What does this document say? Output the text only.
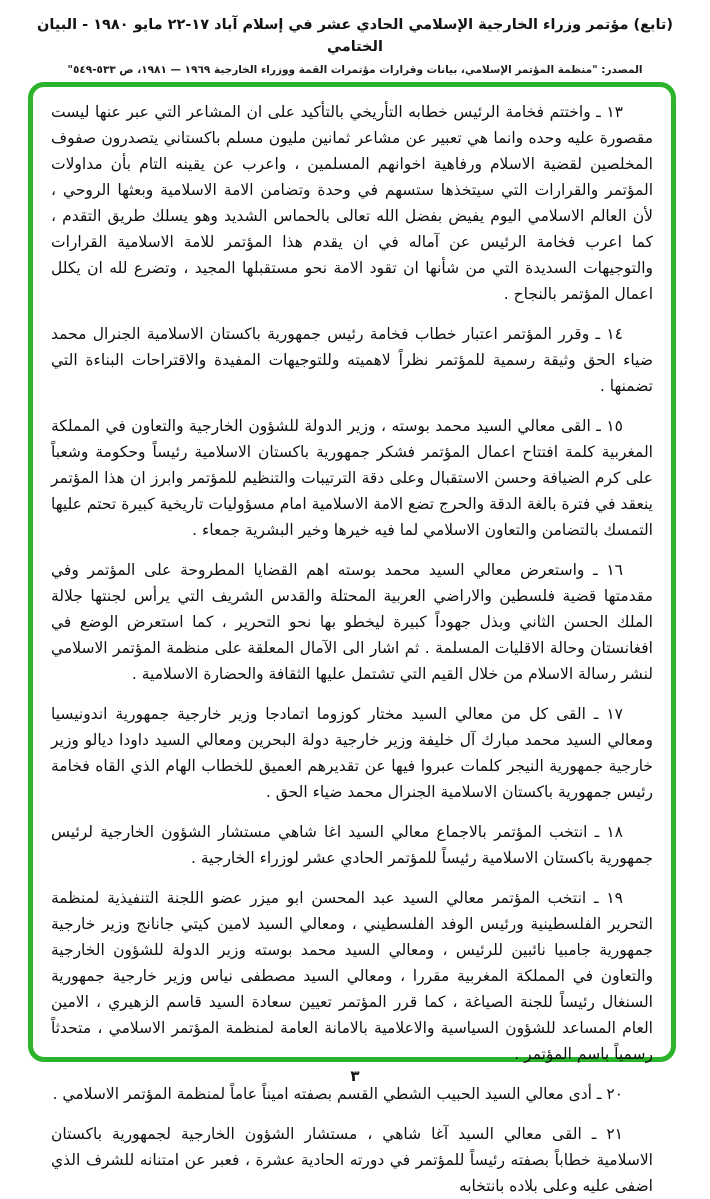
(تابع) مؤتمر وزراء الخارجية الإسلامي الحادي عشر في إسلام آباد ١٧-٢٢ مايو ١٩٨٠ - البيان الختامي
المصدر: "منظمة المؤتمر الإسلامي، بيانات وقرارات مؤتمرات القمة ووزراء الخارجية ١٩٦٩ — ١٩٨١، ص ٥٣٣-٥٤٩"

١٣ ـ واختتم فخامة الرئيس خطابه التأريخي بالتأكيد على ان المشاعر التي عبر عنها ليست مقصورة عليه وحده وانما هي تعبير عن مشاعر ثمانين مليون مسلم باكستاني يتصدرون صفوف المخلصين لقضية الاسلام ورفاهية اخوانهم المسلمين ، واعرب عن يقينه التام بأن مداولات المؤتمر والقرارات التي سيتخذها ستسهم في وحدة وتضامن الامة الاسلامية وبعثها الروحي ، لأن العالم الاسلامي اليوم يفيض بفضل الله تعالى بالحماس الشديد وهو يسلك طريق التقدم ، كما اعرب فخامة الرئيس عن آماله في ان يقدم هذا المؤتمر للامة الاسلامية القرارات والتوجيهات السديدة التي من شأنها ان تقود الامة نحو مستقبلها المجيد ، وتضرع لله ان يكلل اعمال المؤتمر بالنجاح .

١٤ ـ وقرر المؤتمر اعتبار خطاب فخامة رئيس جمهورية باكستان الاسلامية الجنرال محمد ضياء الحق وثيقة رسمية للمؤتمر نظراً لاهميته وللتوجيهات المفيدة والاقتراحات البناءة التي تضمنها .

١٥ ـ القى معالي السيد محمد بوسته ، وزير الدولة للشؤون الخارجية والتعاون في المملكة المغربية كلمة افتتاح اعمال المؤتمر فشكر جمهورية باكستان الاسلامية رئيساً وحكومة وشعباً على كرم الضيافة وحسن الاستقبال وعلى دقة الترتيبات والتنظيم للمؤتمر وابرز ان هذا المؤتمر ينعقد في فترة بالغة الدقة والحرج تضع الامة الاسلامية امام مسؤوليات تاريخية كبيرة تحتم عليها التمسك بالتضامن والتعاون الاسلامي لما فيه خيرها وخير البشرية جمعاء .

١٦ ـ واستعرض معالي السيد محمد بوسته اهم القضايا المطروحة على المؤتمر وفي مقدمتها قضية فلسطين والاراضي العربية المحتلة والقدس الشريف التي يرأس لجنتها جلالة الملك الحسن الثاني وبذل جهوداً كبيرة ليخطو بها نحو التحرير ، كما استعرض الوضع في افغانستان وحالة الاقليات المسلمة . ثم اشار الى الآمال المعلقة على منظمة المؤتمر الاسلامي لنشر رسالة الاسلام من خلال القيم التي تشتمل عليها الثقافة والحضارة الاسلامية .

١٧ ـ القى كل من معالي السيد مختار كوزوما اتمادجا وزير خارجية جمهورية اندونيسيا ومعالي السيد محمد مبارك آل خليفة وزير خارجية دولة البحرين ومعالي السيد داودا ديالو وزير خارجية جمهورية النيجر كلمات عبروا فيها عن تقديرهم العميق للخطاب الهام الذي القاه فخامة رئيس جمهورية باكستان الاسلامية الجنرال محمد ضياء الحق .

١٨ ـ انتخب المؤتمر بالاجماع معالي السيد اغا شاهي مستشار الشؤون الخارجية لرئيس جمهورية باكستان الاسلامية رئيساً للمؤتمر الحادي عشر لوزراء الخارجية .

١٩ ـ انتخب المؤتمر معالي السيد عبد المحسن ابو ميزر عضو اللجنة التنفيذية لمنظمة التحرير الفلسطينية ورئيس الوفد الفلسطيني ، ومعالي السيد لامين كيتي جانانج وزير خارجية جمهورية جامبيا نائبين للرئيس ، ومعالي السيد محمد بوسته وزير الدولة للشؤون الخارجية والتعاون في المملكة المغربية مقررا ، ومعالي السيد مصطفى نياس وزير خارجية جمهورية السنغال رئيساً للجنة الصياغة ، كما قرر المؤتمر تعيين سعادة السيد قاسم الزهيري ، الامين العام المساعد للشؤون السياسية والاعلامية بالامانة العامة لمنظمة المؤتمر الاسلامي ، متحدثاً رسمياً باسم المؤتمر .

٢٠ ـ أدى معالي السيد الحبيب الشطي القسم بصفته اميناً عاماً لمنظمة المؤتمر الاسلامي .

٢١ ـ القى معالي السيد آغا شاهي ، مستشار الشؤون الخارجية لجمهورية باكستان الاسلامية خطاباً بصفته رئيساً للمؤتمر في دورته الحادية عشرة ، فعبر عن امتنانه للشرف الذي اضفى عليه وعلى بلاده بانتخابه

٣
